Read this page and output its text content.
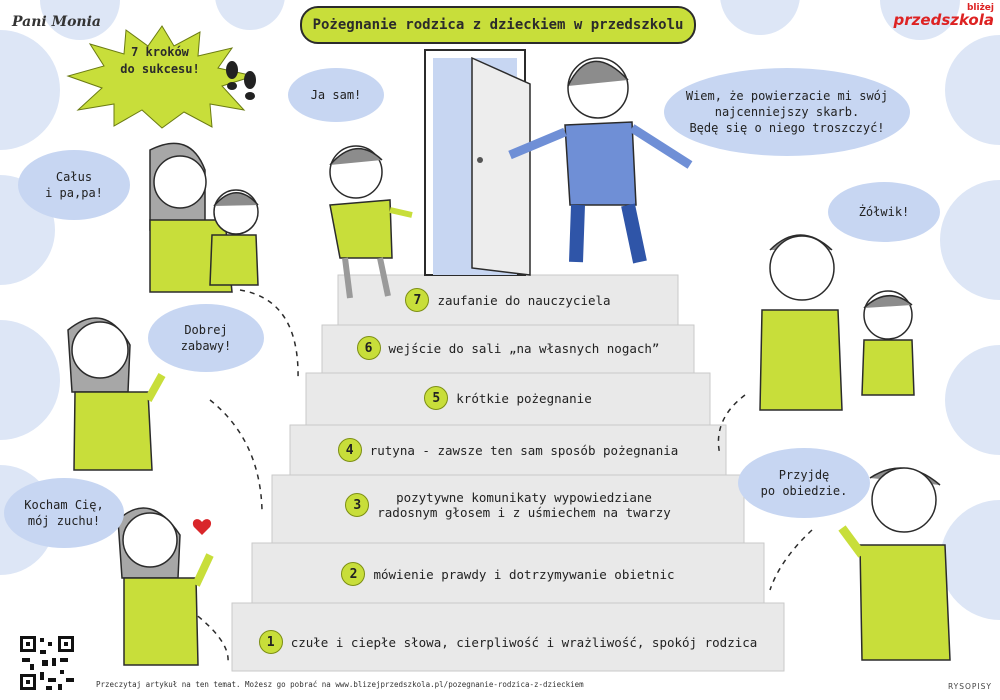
Pani Monia	Pożegnanie rodzica z dzieckiem w przedszkolu
bliżej
przedszkola
7 kroków
do sukcesu!
Ja sam!	Wiem, że powierzacie mi swój
najcenniejszy skarb.
Będę się o niego troszczyć!
Całus
i pa,pa!
Dobrej
zabawy!
Kocham Cię,
mój zuchu!
Żółwik!
Przyjdę
po obiedzie.
7	zaufanie do nauczyciela
6	wejście do sali „na własnych nogach”
5	krótkie pożegnanie
4	rutyna - zawsze ten sam sposób pożegnania
3	pozytywne komunikaty wypowiedziane
radosnym głosem i z uśmiechem na twarzy
2	mówienie prawdy i dotrzymywanie obietnic
1	czułe i ciepłe słowa, cierpliwość i wrażliwość, spokój rodzica
Przeczytaj artykuł na ten temat. Możesz go pobrać na www.blizejprzedszkola.pl/pozegnanie-rodzica-z-dzieckiem	RYSOPISY
